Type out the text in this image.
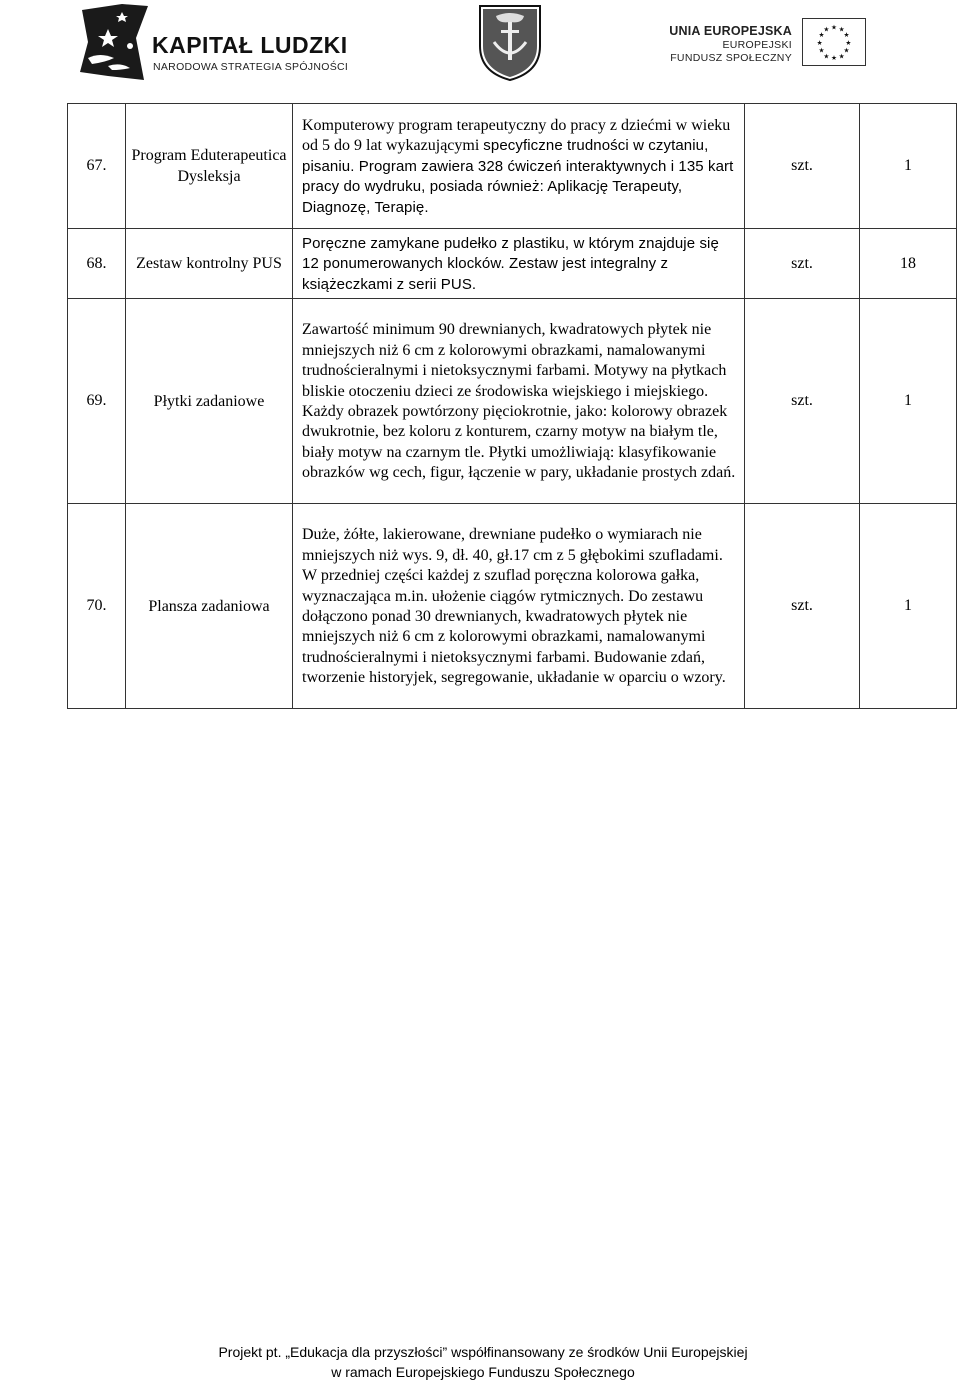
KAPITAŁ LUDZKI
NARODOWA STRATEGIA SPÓJNOŚCI
UNIA EUROPEJSKA
EUROPEJSKI
FUNDUSZ SPOŁECZNY
★ ★
★
★
★
★
★
★
★
★
★
★
67.	Program Eduterapeutica Dysleksja	Komputerowy program terapeutyczny do pracy z dziećmi w wieku od 5 do 9 lat wykazującymi specyficzne trudności w czytaniu, pisaniu. Program zawiera 328 ćwiczeń interaktywnych i 135 kart pracy do wydruku, posiada również: Aplikację Terapeuty, Diagnozę, Terapię.	szt.	1
68.	Zestaw kontrolny PUS	Poręczne zamykane pudełko z plastiku, w którym znajduje się 12 ponumerowanych klocków. Zestaw jest integralny z książeczkami z serii PUS.	szt.	18
69.	Płytki zadaniowe	Zawartość minimum 90 drewnianych, kwadratowych płytek nie mniejszych niż 6 cm z kolorowymi obrazkami, namalowanymi trudnościeralnymi i nietoksycznymi farbami. Motywy na płytkach bliskie otoczeniu dzieci ze środowiska wiejskiego i miejskiego. Każdy obrazek powtórzony pięciokrotnie, jako: kolorowy obrazek dwukrotnie, bez koloru z konturem, czarny motyw na białym tle, biały motyw na czarnym tle. Płytki umożliwiają: klasyfikowanie obrazków wg cech, figur, łączenie w pary, układanie prostych zdań.	szt.	1
70.	Plansza zadaniowa	Duże, żółte, lakierowane, drewniane pudełko o wymiarach nie mniejszych niż wys. 9, dł. 40, gł.17 cm z 5 głębokimi szufladami. W przedniej części każdej z szuflad poręczna kolorowa gałka, wyznaczająca m.in. ułożenie ciągów rytmicznych. Do zestawu dołączono ponad 30 drewnianych, kwadratowych płytek nie mniejszych niż 6 cm z kolorowymi obrazkami, namalowanymi trudnościeralnymi i nietoksycznymi farbami. Budowanie zdań, tworzenie historyjek, segregowanie, układanie w oparciu o wzory.	szt.	1
Projekt pt. „Edukacja dla przyszłości” współfinansowany ze środków Unii Europejskiej
w ramach Europejskiego Funduszu Społecznego
